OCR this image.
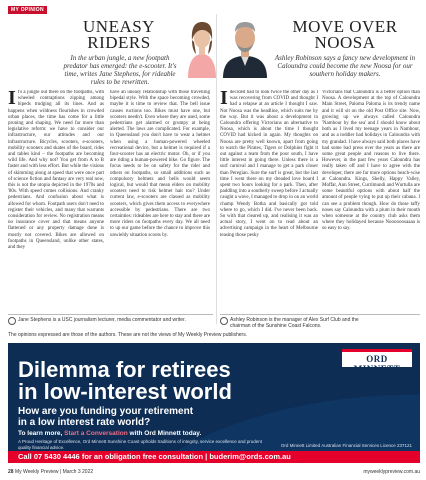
MY OPINION
UNEASY
RIDERS
In the urban jungle, a new footpath predator has emerged: the e-scooter. It's time, writes Jane Stephens, for rideable rules to be rewritten.
I t's a jungle out there on the footpaths, with wheeled contraptions zipping among bipeds trudging all its lines. And as happens when wildness flourishes in crowded urban places, the time has come for a little pruning and shaping. We need far more than legislative reform: we have to consider our infrastructure, our attitudes and our infrastructure. Bicycles, scooters, e-scooters, mobility scooters and skates of the board, rides and tables kind – the footpaths are becoming wild life. And why not? You get from A to B faster and with less effort. But while the visions of skimming along at speed that were once part of science fiction and fantasy are very real now, this is not the utopia depicted in the 1970s and '80s. With speed comes collisions. And cranky pedestrians. And confusion about what is allowed for whom. Footpath users don't need to register their vehicles, and many that warrants consideration for review. No registration means no insurance cover and that means anyone flattened or any property damage done is mostly not covered. Bikes are allowed on footpaths in Queensland, unlike other states, and they
have an uneasy relationship with those travelling bipedal style. With the space becoming crowded, maybe it is time to review that. The bell issue causes ructions too. Bikes must have one, but scooters needn't. Even where they are used, some pedestrians get alarmed or grumpy at being alerted. The laws are complicated. For example, in Queensland you don't have to wear a helmet when using a human-powered wheeled recreational device, but a helmet is required if a four-scooter has an electric motor. Oh, or if you are riding a human-powered bike. Go figure. The focus needs to be on safety for the rider and others on footpaths, so small additions such as compulsory helmets and bells would seem logical, but would that mean elders on mobility scooters need to risk helmet hair too? Under current law, e-scooters are classed as mobility scooters, which gives them access to everywhere accessible by pedestrians. There are two certainties: rideables are here to stay and there are more riders on footpaths every day. We all need to up our game before the chance to improve this unwieldy situation scoots by.
Jane Stephens is a USC journalism lecturer, media commentator and writer.
MOVE OVER
NOOSA
Ashley Robinson says a fancy new development in Caloundra could become the new Noosa for our southern holiday makers.
I decided had to look twice the other day as I was recovering from COVID and thought I had a relapse at an article I thought I saw. Not Noosa was the headline, which suits me by the way. But it was about a development in Caloundra offering Victorians an alternative to Noosa, which is about the time I thought COVID had kicked in again. My thoughts on Noosa are pretty well known, apart from going to watch the Pirates, Tigers or Dolphins fight it out against a team from the poor south, I have little interest in going there. Unless there is a surf carnival and I manage to get a park closer than Peregian. Sure the surf is great, but the last time I went there on my dreaded love board I spent two hours looking for a park. Then, after paddling into a southerly sweep before I actually caught a wave, I managed to drop in on an world champ Wendy Botha and basically got told where to go, which I did. I've never been back. So with that cleared up, and realising it was an actual story, I went on to read about an advertising campaign in the heart of Melbourne teasing those pesky
Victorians that Caloundra is a better option than Noosa. A development at the top of Caloundra Main Street, Paloma Paloma is its trendy name and it will sit on the old Post Office site. Now, growing up we always called Caloundra 'Nambour by the sea' and I should know about both as I lived my teenage years in Nambour, and as a toddler had holidays in Caloundra with my grandad. I have always said both places have had some bad press over the years as there are some great people and reasons to live there. However, in the past few years Caloundra has really taken off and I have to agree with the developer, there are far more options beach-wise at Caloundra. Kings, Shelly, Happy Valley, Moffat, Ann Street, Currimundi and Wurtulla are some beautiful options with about half the amount of people vying to put up their cabana. I can see a problem though. How do those taffy noses say Caloundra with a plum in their mouth when someone at the country club asks them where they holidayed because Noooooosaaaa is so easy to say.
Ashley Robinson is the manager of Alex Surf Club and the chairman of the Sunshine Coast Falcons.
The opinions expressed are those of the authors. These are not the views of My Weekly Preview publishers.
ORD MINNETT
Dilemma for retirees
in low-interest world
How are you funding your retirement
in a low interest rate world?
To learn more, Start a Conversation with Ord Minnett today.
A Proud Heritage of Excellence, Ord Minnett Sunshine Coast upholds traditions of integrity, service excellence and prudent quality financial advice.	Ord Minnett Limited Australian Financial Services Licence 237121
Call 07 5430 4446 for an obligation free consultation | buderim@ords.com.au
28 My Weekly Preview | March 3 2022	myweeklypreview.com.au
